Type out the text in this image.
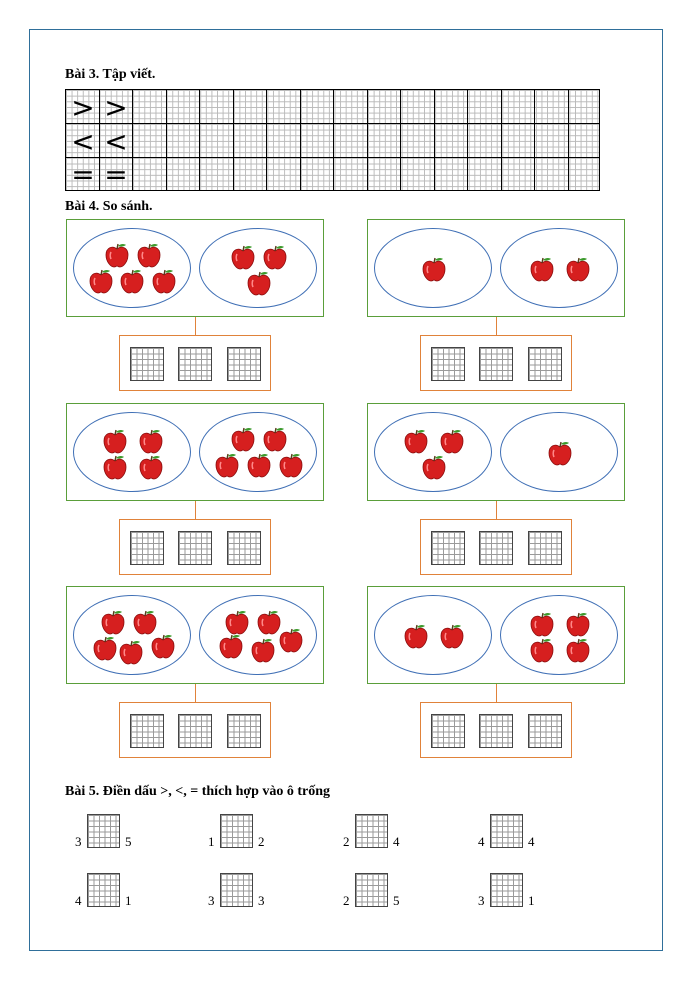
Bài 3. Tập viết.
> >
< <
= =
Bài 4. So sánh.
Bài 5. Điền dấu >, <, = thích hợp vào ô trống
3	5	1	2	2	4	4	4
4	1	3	3	2	5	3	1
